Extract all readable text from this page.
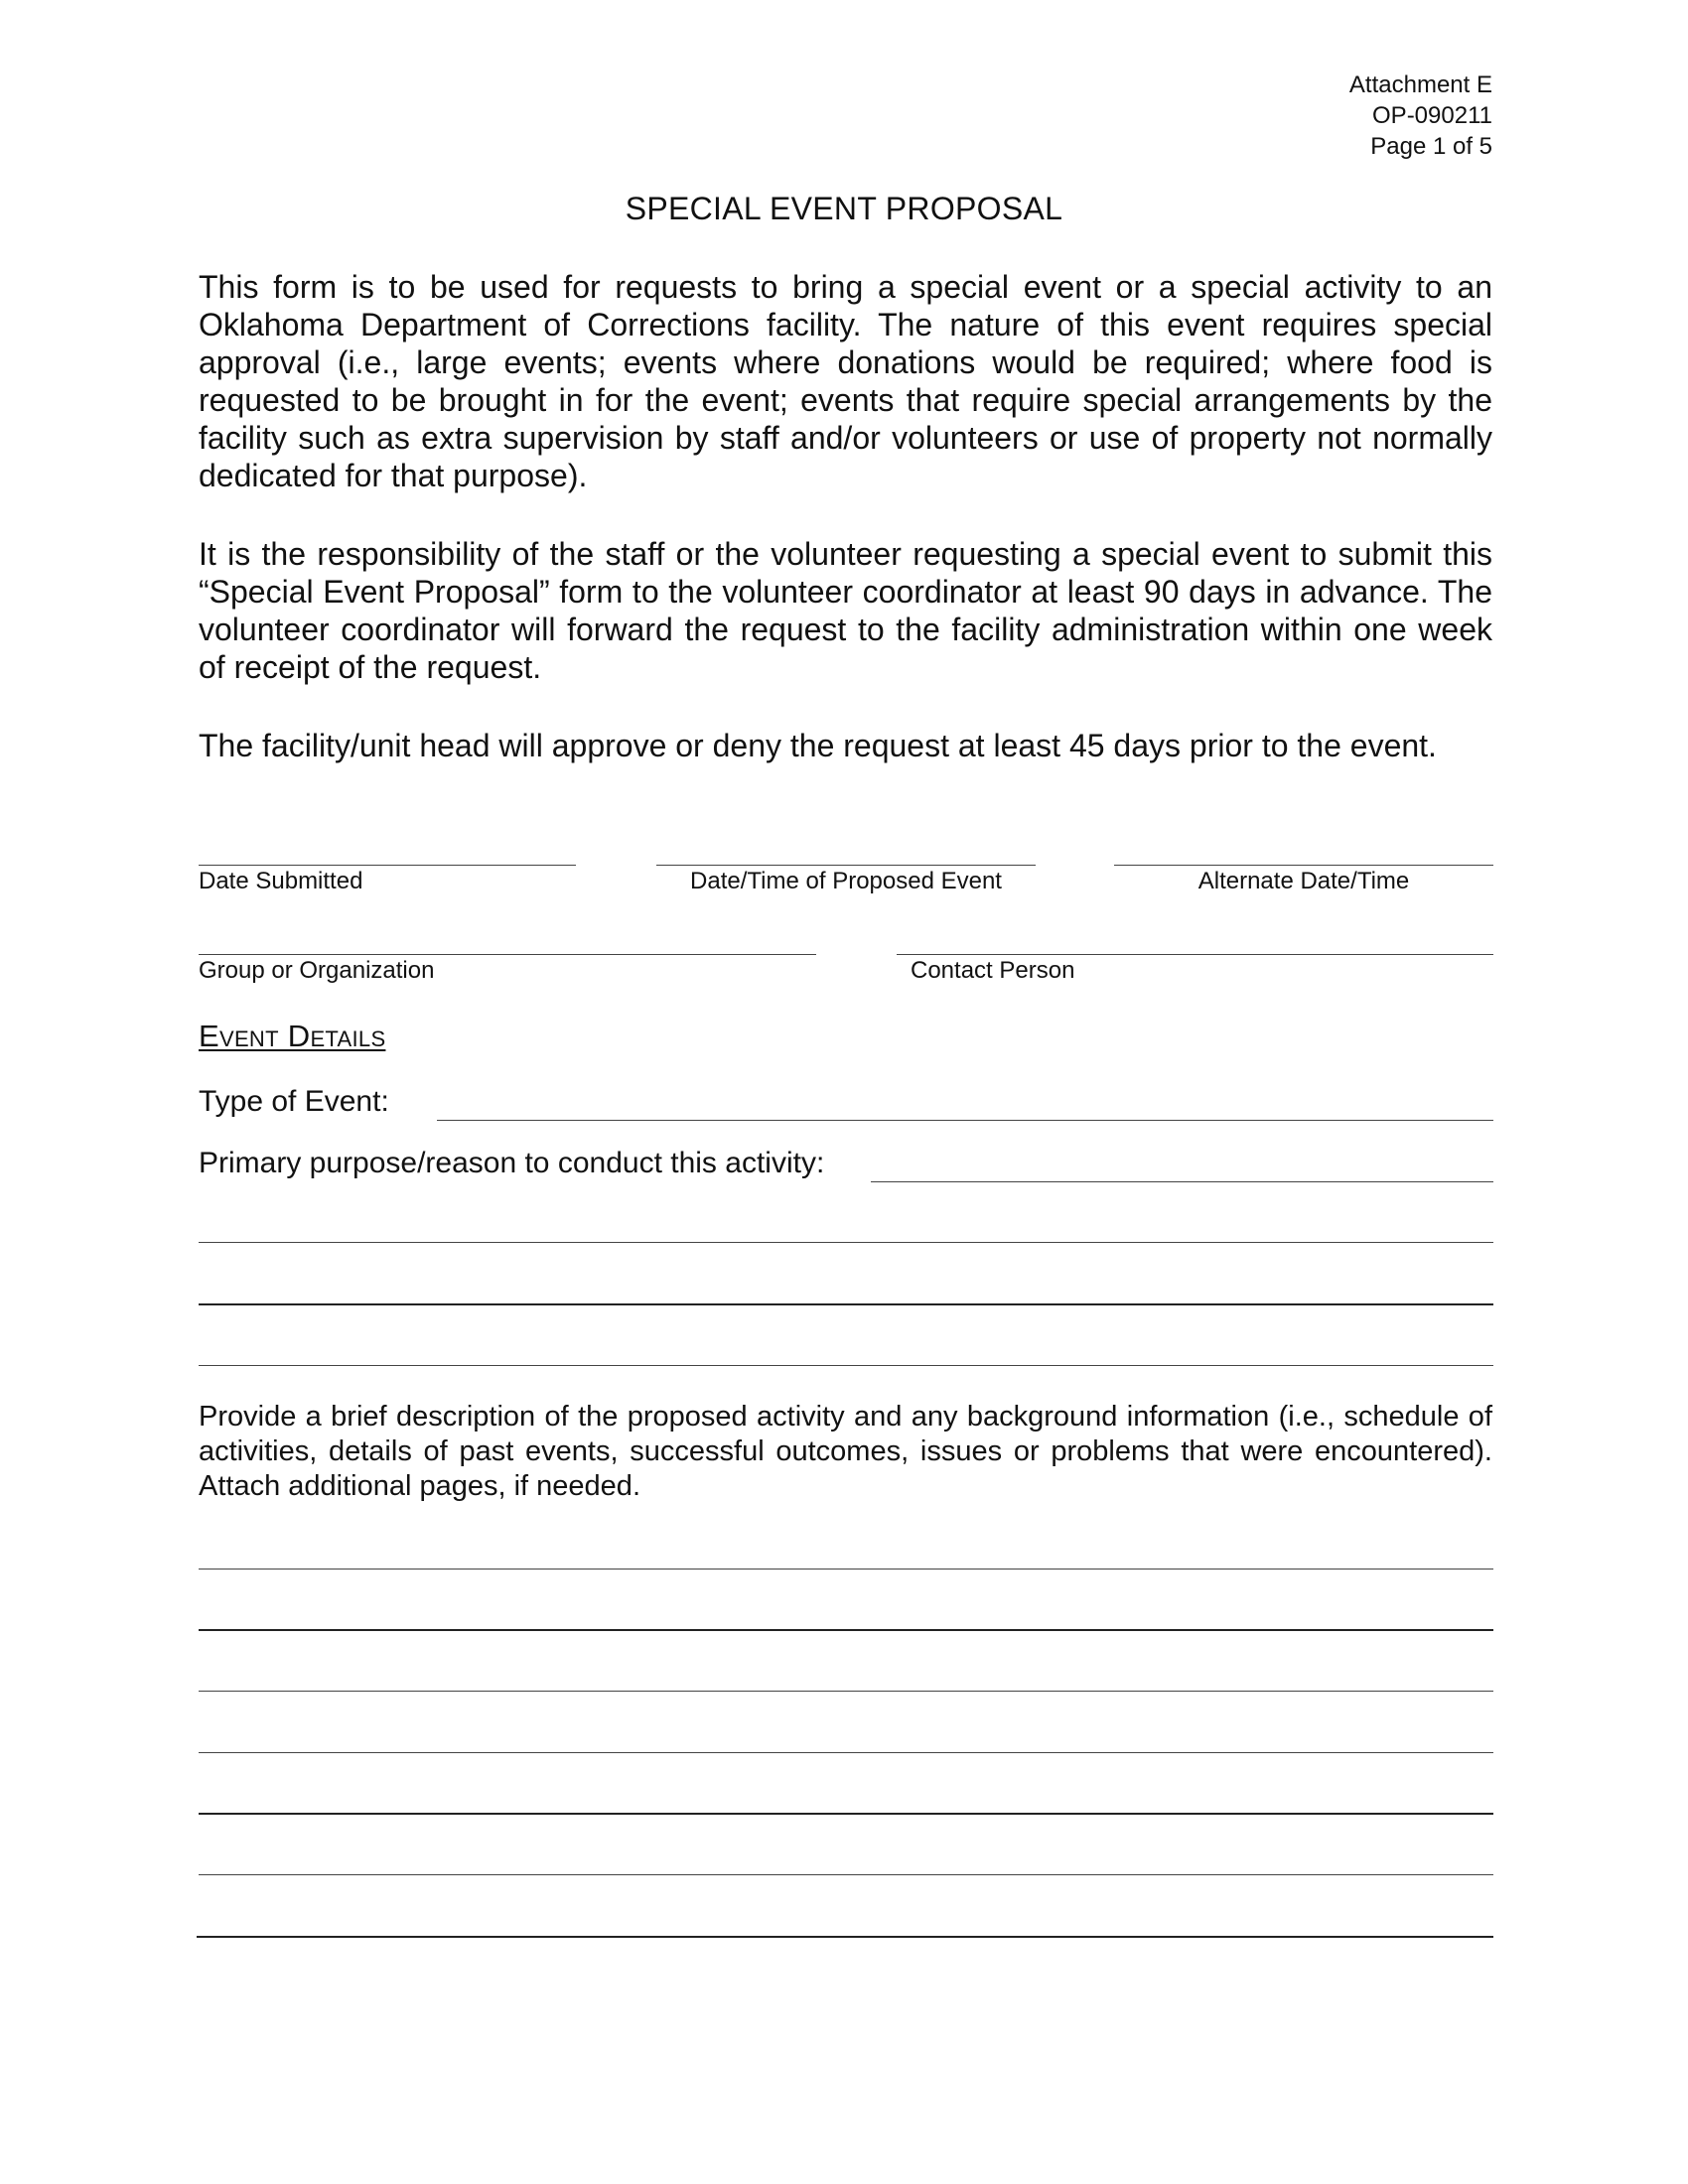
Attachment E
OP-090211
Page 1 of 5
SPECIAL EVENT PROPOSAL
This form is to be used for requests to bring a special event or a special activity to an Oklahoma Department of Corrections facility. The nature of this event requires special approval (i.e., large events; events where donations would be required; where food is requested to be brought in for the event; events that require special arrangements by the facility such as extra supervision by staff and/or volunteers or use of property not normally dedicated for that purpose).
It is the responsibility of the staff or the volunteer requesting a special event to submit this “Special Event Proposal” form to the volunteer coordinator at least 90 days in advance. The volunteer coordinator will forward the request to the facility administration within one week of receipt of the request.
The facility/unit head will approve or deny the request at least 45 days prior to the event.
Date Submitted	Date/Time of Proposed Event	Alternate Date/Time
Group or Organization	Contact Person
Event Details
Type of Event:
Primary purpose/reason to conduct this activity:
Provide a brief description of the proposed activity and any background information (i.e., schedule of activities, details of past events, successful outcomes, issues or problems that were encountered). Attach additional pages, if needed.
